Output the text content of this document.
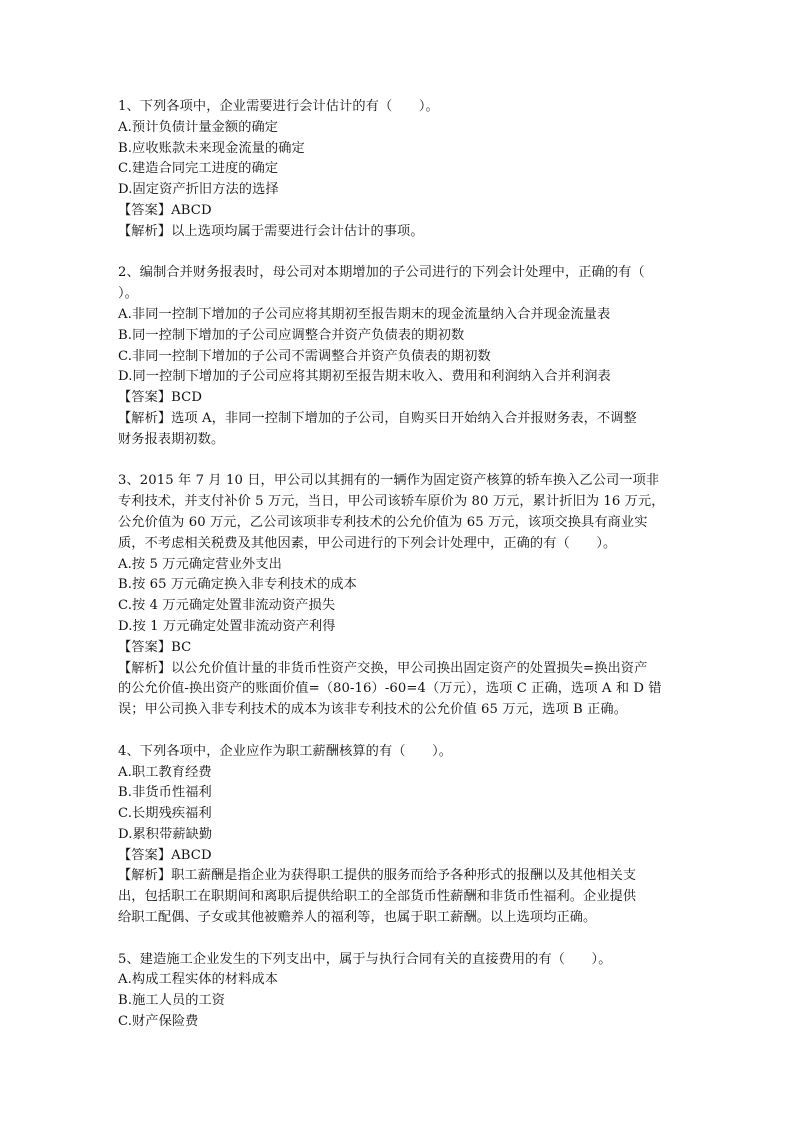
1、下列各项中，企业需要进行会计估计的有（　　）。
A.预计负债计量金额的确定
B.应收账款未来现金流量的确定
C.建造合同完工进度的确定
D.固定资产折旧方法的选择
【答案】ABCD
【解析】以上选项均属于需要进行会计估计的事项。
2、编制合并财务报表时，母公司对本期增加的子公司进行的下列会计处理中，正确的有（
）。
A.非同一控制下增加的子公司应将其期初至报告期末的现金流量纳入合并现金流量表
B.同一控制下增加的子公司应调整合并资产负债表的期初数
C.非同一控制下增加的子公司不需调整合并资产负债表的期初数
D.同一控制下增加的子公司应将其期初至报告期末收入、费用和利润纳入合并利润表
【答案】BCD
【解析】选项 A，非同一控制下增加的子公司，自购买日开始纳入合并报财务表，不调整
财务报表期初数。
3、2015 年 7 月 10 日，甲公司以其拥有的一辆作为固定资产核算的轿车换入乙公司一项非
专利技术，并支付补价 5 万元，当日，甲公司该轿车原价为 80 万元，累计折旧为 16 万元，
公允价值为 60 万元，乙公司该项非专利技术的公允价值为 65 万元，该项交换具有商业实
质，不考虑相关税费及其他因素，甲公司进行的下列会计处理中，正确的有（　　）。
A.按 5 万元确定营业外支出
B.按 65 万元确定换入非专利技术的成本
C.按 4 万元确定处置非流动资产损失
D.按 1 万元确定处置非流动资产利得
【答案】BC
【解析】以公允价值计量的非货币性资产交换，甲公司换出固定资产的处置损失=换出资产
的公允价值-换出资产的账面价值=（80-16）-60=4（万元），选项 C 正确，选项 A 和 D 错
误；甲公司换入非专利技术的成本为该非专利技术的公允价值 65 万元，选项 B 正确。
4、下列各项中，企业应作为职工薪酬核算的有（　　）。
A.职工教育经费
B.非货币性福利
C.长期残疾福利
D.累积带薪缺勤
【答案】ABCD
【解析】职工薪酬是指企业为获得职工提供的服务而给予各种形式的报酬以及其他相关支
出，包括职工在职期间和离职后提供给职工的全部货币性薪酬和非货币性福利。企业提供
给职工配偶、子女或其他被赡养人的福利等，也属于职工薪酬。以上选项均正确。
5、建造施工企业发生的下列支出中，属于与执行合同有关的直接费用的有（　　）。
A.构成工程实体的材料成本
B.施工人员的工资
C.财产保险费
